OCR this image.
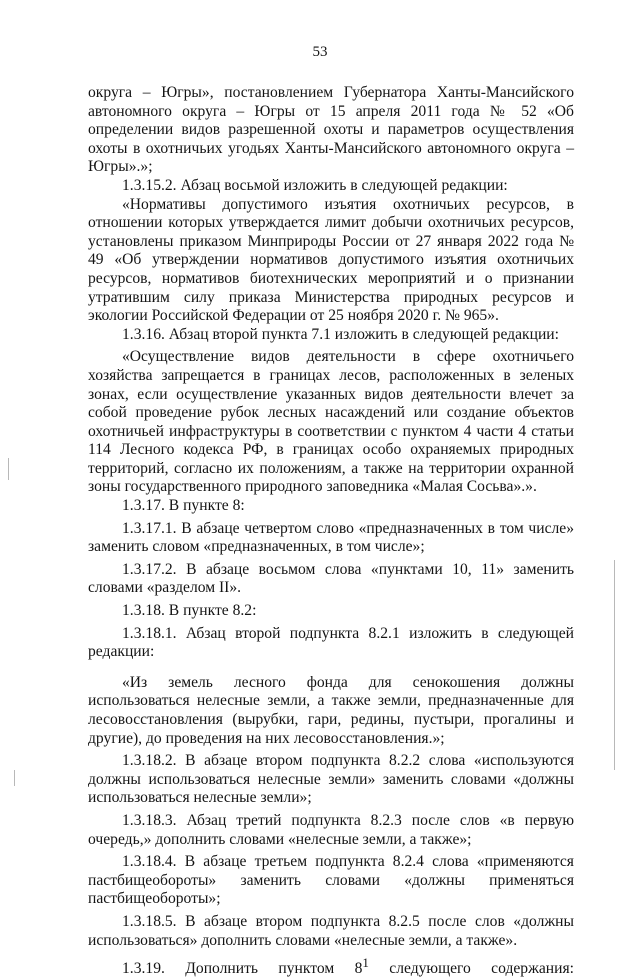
53

округа – Югры», постановлением Губернатора Ханты-Мансийского автономного округа – Югры от 15 апреля 2011 года № 52 «Об определении видов разрешенной охоты и параметров осуществления охоты в охотничьих угодьях Ханты-Мансийского автономного округа – Югры».»;

1.3.15.2. Абзац восьмой изложить в следующей редакции:

«Нормативы допустимого изъятия охотничьих ресурсов, в отношении которых утверждается лимит добычи охотничьих ресурсов, установлены приказом Минприроды России от 27 января 2022 года № 49 «Об утверждении нормативов допустимого изъятия охотничьих ресурсов, нормативов биотехнических мероприятий и о признании утратившим силу приказа Министерства природных ресурсов и экологии Российской Федерации от 25 ноября 2020 г. № 965».

1.3.16. Абзац второй пункта 7.1 изложить в следующей редакции:

«Осуществление видов деятельности в сфере охотничьего хозяйства запрещается в границах лесов, расположенных в зеленых зонах, если осуществление указанных видов деятельности влечет за собой проведение рубок лесных насаждений или создание объектов охотничьей инфраструктуры в соответствии с пунктом 4 части 4 статьи 114 Лесного кодекса РФ, в границах особо охраняемых природных территорий, согласно их положениям, а также на территории охранной зоны государственного природного заповедника «Малая Сосьва».».

1.3.17. В пункте 8:

1.3.17.1. В абзаце четвертом слово «предназначенных в том числе» заменить словом «предназначенных, в том числе»;

1.3.17.2. В абзаце восьмом слова «пунктами 10, 11» заменить словами «разделом II».

1.3.18. В пункте 8.2:

1.3.18.1. Абзац второй подпункта 8.2.1 изложить в следующей редакции:

«Из земель лесного фонда для сенокошения должны использоваться нелесные земли, а также земли, предназначенные для лесовосстановления (вырубки, гари, редины, пустыри, прогалины и другие), до проведения на них лесовосстановления.»;

1.3.18.2. В абзаце втором подпункта 8.2.2 слова «используются должны использоваться нелесные земли» заменить словами «должны использоваться нелесные земли»;

1.3.18.3. Абзац третий подпункта 8.2.3 после слов «в первую очередь,» дополнить словами «нелесные земли, а также»;

1.3.18.4. В абзаце третьем подпункта 8.2.4 слова «применяются пастбищеобороты» заменить словами «должны применяться пастбищеобороты»;

1.3.18.5. В абзаце втором подпункта 8.2.5 после слов «должны использоваться» дополнить словами «нелесные земли, а также».

1.3.19. Дополнить пунктом $8^1$ следующего содержания:
